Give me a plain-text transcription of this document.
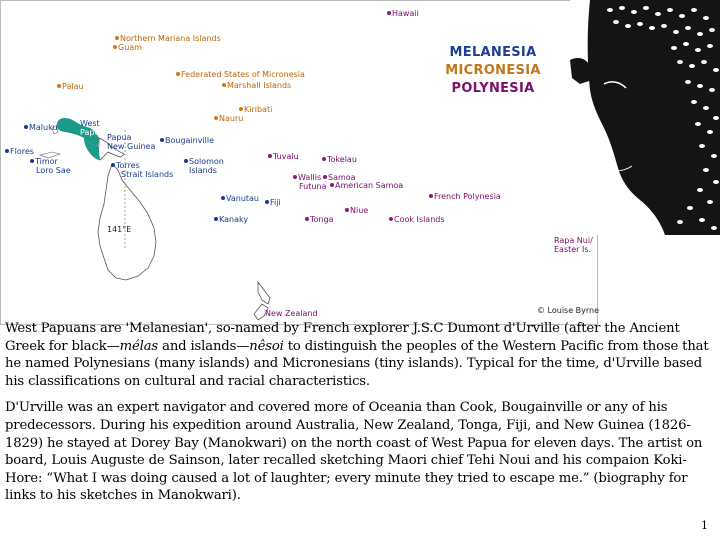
MELANESIA
MICRONESIA
POLYNESIA
Hawaii
Northern Mariana Islands
Guam
Palau
Federated States of Micronesia
Marshall Islands
Kiribati
Nauru
Maluku	West
Papua
Papua
New Guinea
Bougainville
Flores
Timor
Loro Sae
Torres
Strait Islands
Solomon
Islands
Tuvalu	Tokelau
Wallis
Futuna
Samoa
American Samoa
French Polynesia
Vanutau	Fiji
Kanaky	Tonga
Niue
Cook Islands
Rapa Nui/
Easter Is.
New Zealand
141°E
© Louise Byrne

West Papuans are 'Melanesian', so-named by French explorer J.S.C Dumont d'Urville (after the Ancient Greek for black—mélas and islands—nêsoi to distinguish the peoples of the Western Pacific from those that he named Polynesians (many islands) and Micronesians (tiny islands). Typical for the time, d'Urville based his classifications on cultural and racial characteristics.

D'Urville was an expert navigator and covered more of Oceania than Cook, Bougainville or any of his predecessors. During his expedition around Australia, New Zealand, Tonga, Fiji, and New Guinea (1826-1829) he stayed at Dorey Bay (Manokwari) on the north coast of West Papua for eleven days. The artist on board, Louis Auguste de Sainson, later recalled sketching Maori chief Tehi Noui and his compaion Koki-Hore: “What I was doing caused a lot of laughter; every minute they tried to escape me.” (biography for links to his sketches in Manokwari).

1
